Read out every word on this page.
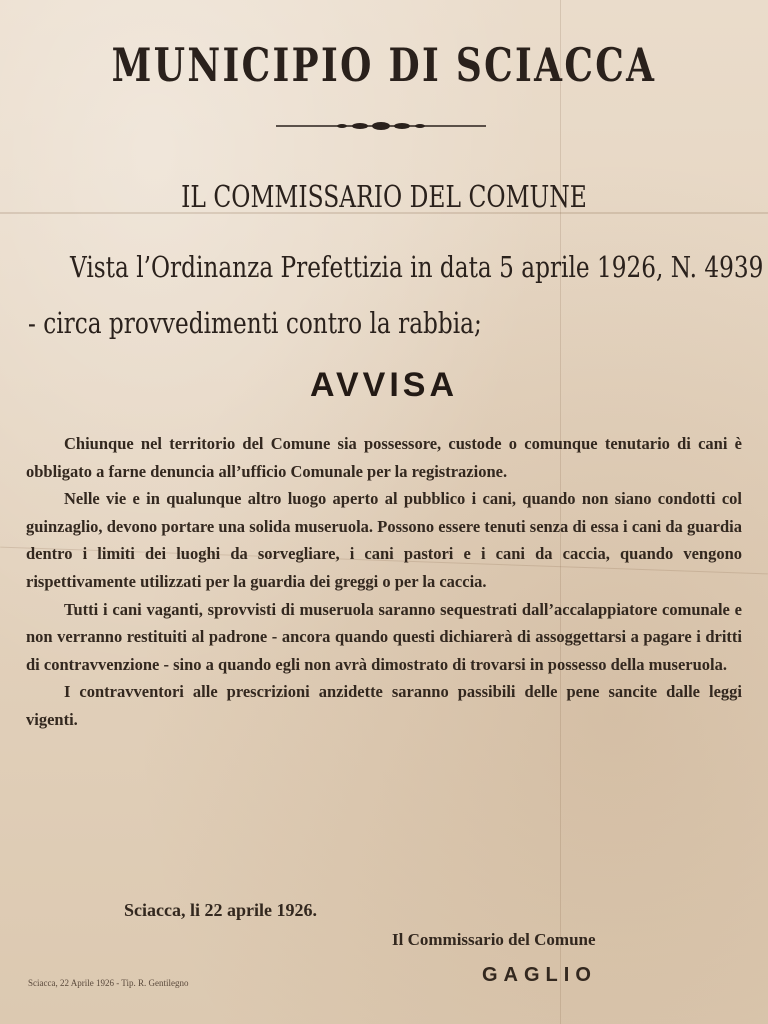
MUNICIPIO DI SCIACCA
IL COMMISSARIO DEL COMUNE
Vista l’Ordinanza Prefettizia in data 5 aprile 1926, N. 4939
- circa provvedimenti contro la rabbia;
AVVISA

Chiunque nel territorio del Comune sia possessore, custode o comunque tenutario di cani è obbligato a farne denuncia all’ufficio Comunale per la registrazione.

Nelle vie e in qualunque altro luogo aperto al pubblico i cani, quando non siano condotti col guinzaglio, devono portare una solida museruola. Possono essere tenuti senza di essa i cani da guardia dentro i limiti dei luoghi da sorvegliare, i cani pastori e i cani da caccia, quando vengono rispettivamente utilizzati per la guardia dei greggi o per la caccia.

Tutti i cani vaganti, sprovvisti di museruola saranno sequestrati dall’accalappiatore comunale e non verranno restituiti al padrone - ancora quando questi dichiarerà di assoggettarsi a pagare i dritti di contravvenzione - sino a quando egli non avrà dimostrato di trovarsi in possesso della museruola.

I contravventori alle prescrizioni anzidette saranno passibili delle pene sancite dalle leggi vigenti.

Sciacca, li 22 aprile 1926.
Il Commissario del Comune
GAGLIO
Sciacca, 22 Aprile 1926 - Tip. R. Gentilegno
